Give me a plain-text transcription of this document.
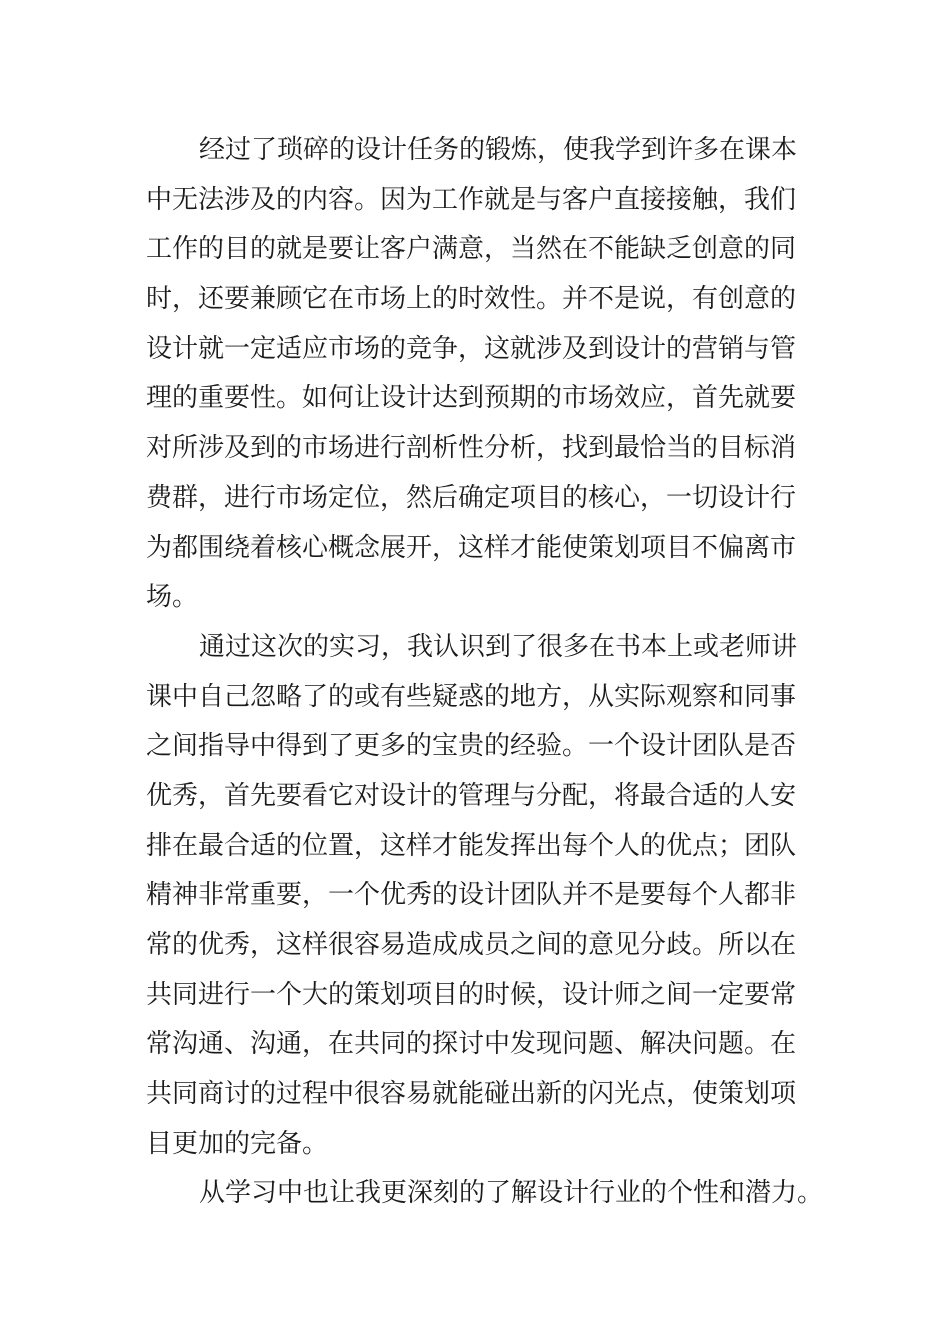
经过了琐碎的设计任务的锻炼，使我学到许多在课本
中无法涉及的内容。因为工作就是与客户直接接触，我们
工作的目的就是要让客户满意，当然在不能缺乏创意的同
时，还要兼顾它在市场上的时效性。并不是说，有创意的
设计就一定适应市场的竞争，这就涉及到设计的营销与管
理的重要性。如何让设计达到预期的市场效应，首先就要
对所涉及到的市场进行剖析性分析，找到最恰当的目标消
费群，进行市场定位，然后确定项目的核心，一切设计行
为都围绕着核心概念展开，这样才能使策划项目不偏离市
场。
通过这次的实习，我认识到了很多在书本上或老师讲
课中自己忽略了的或有些疑惑的地方，从实际观察和同事
之间指导中得到了更多的宝贵的经验。一个设计团队是否
优秀，首先要看它对设计的管理与分配，将最合适的人安
排在最合适的位置，这样才能发挥出每个人的优点；团队
精神非常重要，一个优秀的设计团队并不是要每个人都非
常的优秀，这样很容易造成成员之间的意见分歧。所以在
共同进行一个大的策划项目的时候，设计师之间一定要常
常沟通、沟通，在共同的探讨中发现问题、解决问题。在
共同商讨的过程中很容易就能碰出新的闪光点，使策划项
目更加的完备。
从学习中也让我更深刻的了解设计行业的个性和潜力。
